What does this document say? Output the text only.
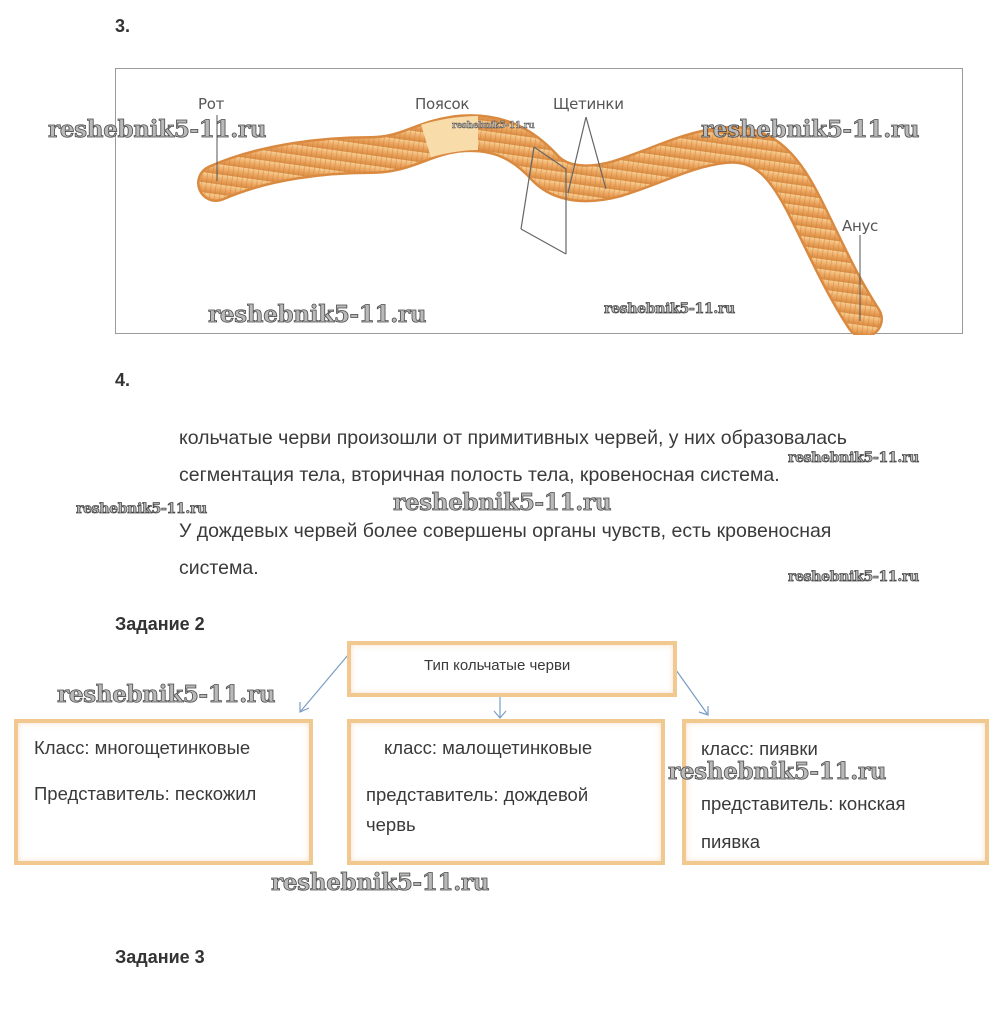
3.
Рот	Поясок	Щетинки
Анус
4.
кольчатые черви произошли от примитивных червей, у них образовалась
сегментация тела, вторичная полость тела, кровеносная система.
У дождевых червей более совершены органы чувств, есть кровеносная
система.
Задание 2
Тип кольчатые черви
Класс: многощетинковые
Представитель: пескожил
класс: малощетинковые
представитель: дождевой
червь
класс: пиявки
представитель: конская
пиявка
Задание 3
reshebnik5-11.ru	reshebnik5-11.ru	reshebnik5-11.ru
reshebnik5-11.ru	reshebnik5-11.ru
reshebnik5-11.ru
reshebnik5-11.ru	reshebnik5-11.ru
reshebnik5-11.ru
reshebnik5-11.ru
reshebnik5-11.ru
reshebnik5-11.ru
